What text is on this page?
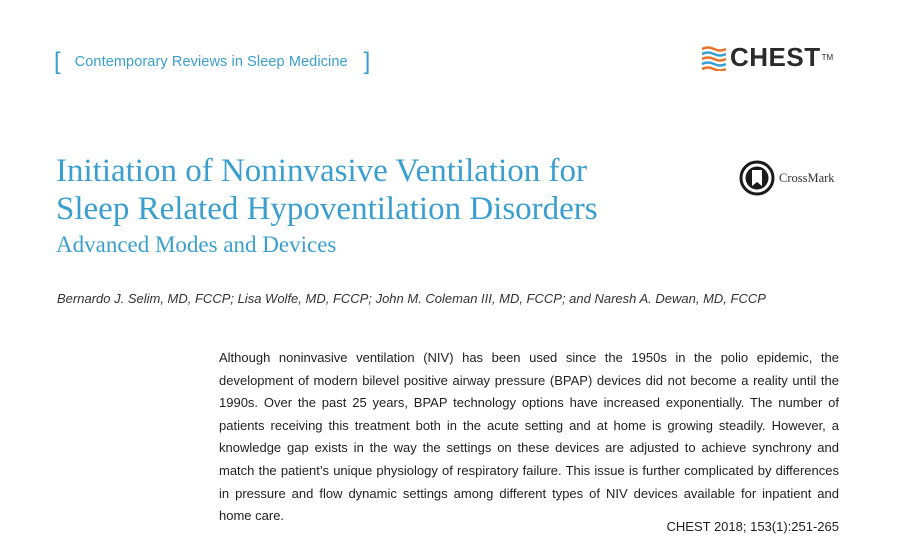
[ Contemporary Reviews in Sleep Medicine ]	CHEST TM
Initiation of Noninvasive Ventilation for
Sleep Related Hypoventilation Disorders
Advanced Modes and Devices
CrossMark
Bernardo J. Selim, MD, FCCP; Lisa Wolfe, MD, FCCP; John M. Coleman III, MD, FCCP; and Naresh A. Dewan, MD, FCCP

Although noninvasive ventilation (NIV) has been used since the 1950s in the polio epidemic, the development of modern bilevel positive airway pressure (BPAP) devices did not become a reality until the 1990s. Over the past 25 years, BPAP technology options have increased exponentially. The number of patients receiving this treatment both in the acute setting and at home is growing steadily. However, a knowledge gap exists in the way the settings on these devices are adjusted to achieve synchrony and match the patient’s unique physiology of respiratory failure. This issue is further complicated by differences in pressure and flow dynamic settings among different types of NIV devices available for inpatient and home care.

CHEST 2018; 153(1):251-265
